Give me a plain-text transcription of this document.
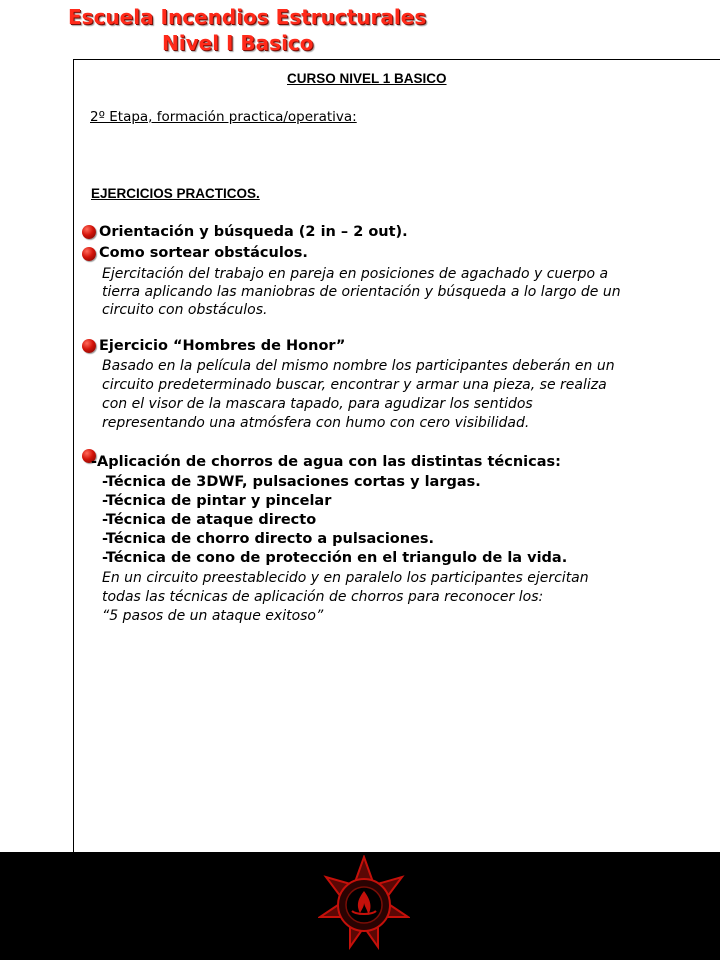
Escuela Incendios Estructurales
Nivel I Basico
CURSO NIVEL 1 BASICO
2º Etapa, formación practica/operativa:
EJERCICIOS PRACTICOS.
Orientación y búsqueda (2 in – 2 out).
Como sortear obstáculos.
Ejercitación del trabajo en pareja en posiciones de agachado y cuerpo a
tierra aplicando las maniobras de orientación y búsqueda a lo largo de un
circuito con obstáculos.
Ejercicio “Hombres de Honor”
Basado en la película del mismo nombre los participantes deberán en un
circuito predeterminado buscar, encontrar y armar una pieza, se realiza
con el visor de la mascara tapado, para agudizar los sentidos
representando una atmósfera con humo con cero visibilidad.
-Aplicación de chorros de agua con las distintas técnicas:
-Técnica de 3DWF, pulsaciones cortas y largas.
-Técnica de pintar y pincelar
-Técnica de ataque directo
-Técnica de chorro directo a pulsaciones.
-Técnica de cono de protección en el triangulo de la vida.
En un circuito preestablecido y en paralelo los participantes ejercitan
todas las técnicas de aplicación de chorros para reconocer los:
“5 pasos de un ataque exitoso”
